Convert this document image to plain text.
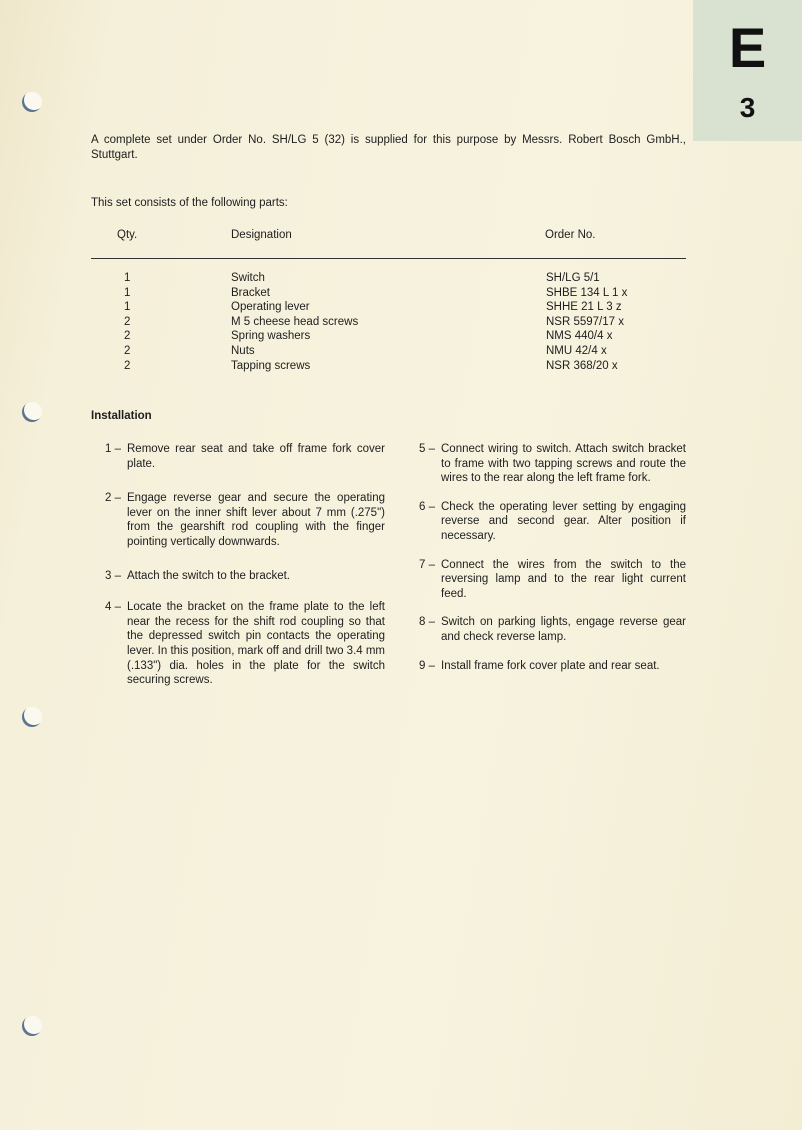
E
3

A complete set under Order No. SH/LG 5 (32) is supplied for this purpose by Messrs. Robert Bosch GmbH., Stuttgart.

This set consists of the following parts:
Qty.	Designation	Order No.
1	Switch	SH/LG 5/1
1	Bracket	SHBE 134 L 1 x
1	Operating lever	SHHE 21 L 3 z
2	M 5 cheese head screws	NSR 5597/17 x
2	Spring washers	NMS 440/4 x
2	Nuts	NMU 42/4 x
2	Tapping screws	NSR 368/20 x
Installation

1 – Remove rear seat and take off frame fork cover plate.

2 – Engage reverse gear and secure the operating lever on the inner shift lever about 7 mm (.275") from the gearshift rod coupling with the finger pointing vertically downwards.

3 – Attach the switch to the bracket.

4 – Locate the bracket on the frame plate to the left near the recess for the shift rod coupling so that the depressed switch pin contacts the operating lever. In this position, mark off and drill two 3.4 mm (.133") dia. holes in the plate for the switch securing screws.

5 – Connect wiring to switch. Attach switch bracket to frame with two tapping screws and route the wires to the rear along the left frame fork.

6 – Check the operating lever setting by engaging reverse and second gear. Alter position if necessary.

7 – Connect the wires from the switch to the reversing lamp and to the rear light current feed.

8 – Switch on parking lights, engage reverse gear and check reverse lamp.

9 – Install frame fork cover plate and rear seat.
